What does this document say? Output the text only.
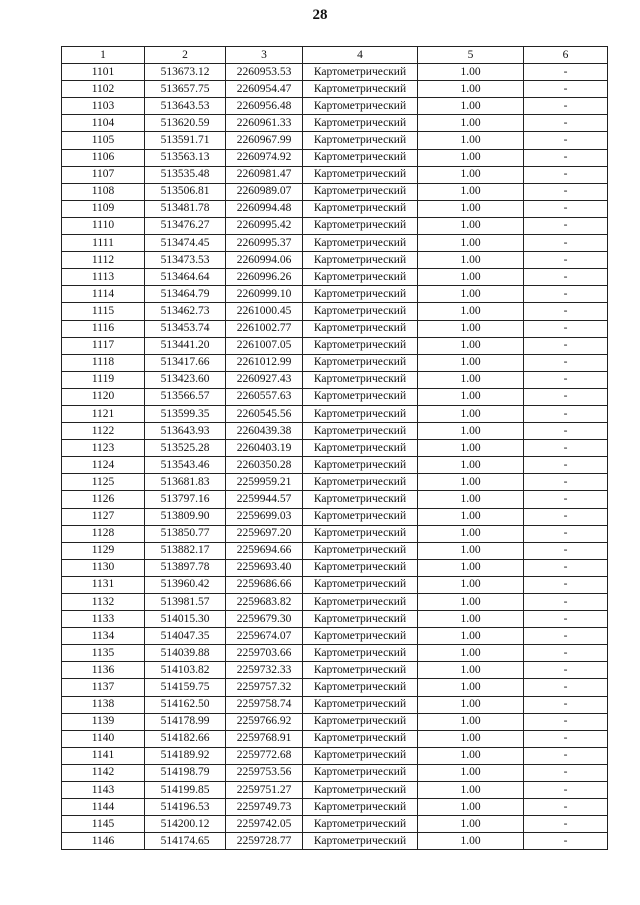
28
1	2	3	4	5	6
1101	513673.12	2260953.53	Картометрический	1.00	-
1102	513657.75	2260954.47	Картометрический	1.00	-
1103	513643.53	2260956.48	Картометрический	1.00	-
1104	513620.59	2260961.33	Картометрический	1.00	-
1105	513591.71	2260967.99	Картометрический	1.00	-
1106	513563.13	2260974.92	Картометрический	1.00	-
1107	513535.48	2260981.47	Картометрический	1.00	-
1108	513506.81	2260989.07	Картометрический	1.00	-
1109	513481.78	2260994.48	Картометрический	1.00	-
1110	513476.27	2260995.42	Картометрический	1.00	-
1111	513474.45	2260995.37	Картометрический	1.00	-
1112	513473.53	2260994.06	Картометрический	1.00	-
1113	513464.64	2260996.26	Картометрический	1.00	-
1114	513464.79	2260999.10	Картометрический	1.00	-
1115	513462.73	2261000.45	Картометрический	1.00	-
1116	513453.74	2261002.77	Картометрический	1.00	-
1117	513441.20	2261007.05	Картометрический	1.00	-
1118	513417.66	2261012.99	Картометрический	1.00	-
1119	513423.60	2260927.43	Картометрический	1.00	-
1120	513566.57	2260557.63	Картометрический	1.00	-
1121	513599.35	2260545.56	Картометрический	1.00	-
1122	513643.93	2260439.38	Картометрический	1.00	-
1123	513525.28	2260403.19	Картометрический	1.00	-
1124	513543.46	2260350.28	Картометрический	1.00	-
1125	513681.83	2259959.21	Картометрический	1.00	-
1126	513797.16	2259944.57	Картометрический	1.00	-
1127	513809.90	2259699.03	Картометрический	1.00	-
1128	513850.77	2259697.20	Картометрический	1.00	-
1129	513882.17	2259694.66	Картометрический	1.00	-
1130	513897.78	2259693.40	Картометрический	1.00	-
1131	513960.42	2259686.66	Картометрический	1.00	-
1132	513981.57	2259683.82	Картометрический	1.00	-
1133	514015.30	2259679.30	Картометрический	1.00	-
1134	514047.35	2259674.07	Картометрический	1.00	-
1135	514039.88	2259703.66	Картометрический	1.00	-
1136	514103.82	2259732.33	Картометрический	1.00	-
1137	514159.75	2259757.32	Картометрический	1.00	-
1138	514162.50	2259758.74	Картометрический	1.00	-
1139	514178.99	2259766.92	Картометрический	1.00	-
1140	514182.66	2259768.91	Картометрический	1.00	-
1141	514189.92	2259772.68	Картометрический	1.00	-
1142	514198.79	2259753.56	Картометрический	1.00	-
1143	514199.85	2259751.27	Картометрический	1.00	-
1144	514196.53	2259749.73	Картометрический	1.00	-
1145	514200.12	2259742.05	Картометрический	1.00	-
1146	514174.65	2259728.77	Картометрический	1.00	-
